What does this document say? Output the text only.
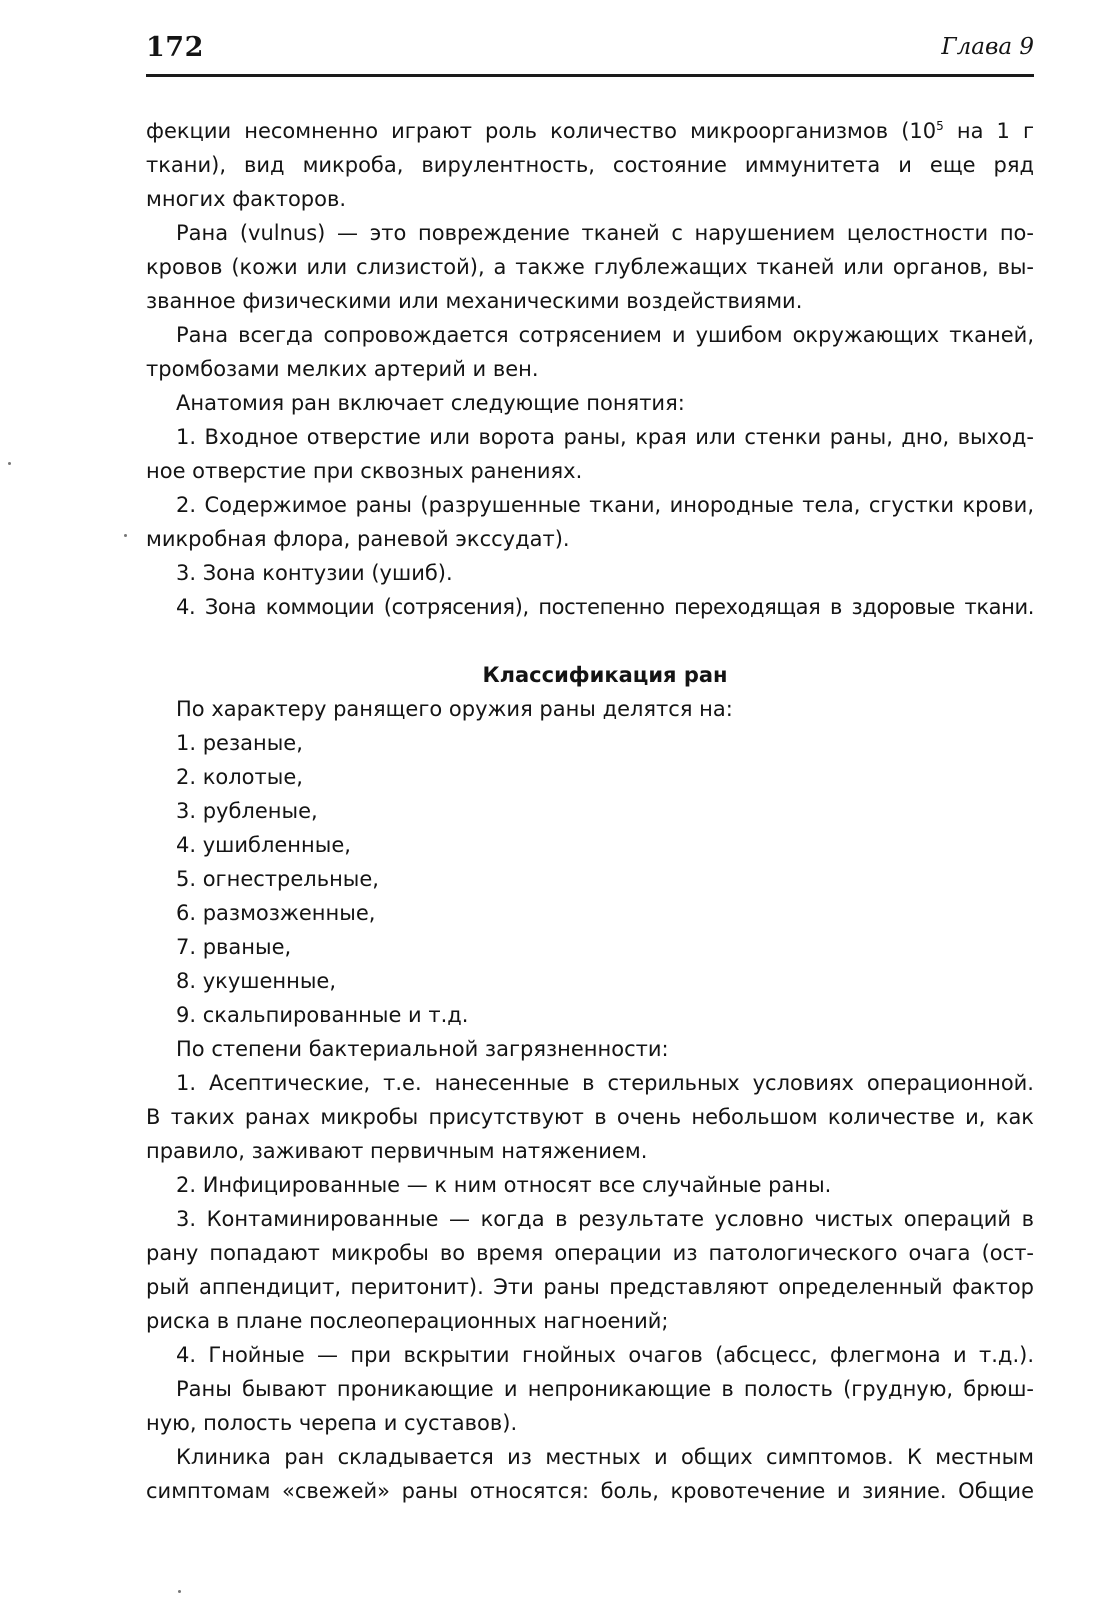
172	Глава 9
фекции несомненно играют роль количество микроорганизмов ($10^5$ на 1 г
ткани), вид микроба, вирулентность, состояние иммунитета и еще ряд
многих факторов.
Рана (vulnus) — это повреждение тканей с нарушением целостности по-
кровов (кожи или слизистой), а также глублежащих тканей или органов, вы-
званное физическими или механическими воздействиями.
Рана всегда сопровождается сотрясением и ушибом окружающих тканей,
тромбозами мелких артерий и вен.
Анатомия ран включает следующие понятия:
1. Входное отверстие или ворота раны, края или стенки раны, дно, выход-
ное отверстие при сквозных ранениях.
2. Содержимое раны (разрушенные ткани, инородные тела, сгустки крови,
микробная флора, раневой экссудат).
3. Зона контузии (ушиб).
4. Зона коммоции (сотрясения), постепенно переходящая в здоровые ткани.
Классификация ран
По характеру ранящего оружия раны делятся на:
1. резаные,
2. колотые,
3. рубленые,
4. ушибленные,
5. огнестрельные,
6. размозженные,
7. рваные,
8. укушенные,
9. скальпированные и т.д.
По степени бактериальной загрязненности:
1. Асептические, т.е. нанесенные в стерильных условиях операционной.
В таких ранах микробы присутствуют в очень небольшом количестве и, как
правило, заживают первичным натяжением.
2. Инфицированные — к ним относят все случайные раны.
3. Контаминированные — когда в результате условно чистых операций в
рану попадают микробы во время операции из патологического очага (ост-
рый аппендицит, перитонит). Эти раны представляют определенный фактор
риска в плане послеоперационных нагноений;
4. Гнойные — при вскрытии гнойных очагов (абсцесс, флегмона и т.д.).
Раны бывают проникающие и непроникающие в полость (грудную, брюш-
ную, полость черепа и суставов).
Клиника ран складывается из местных и общих симптомов. К местным
симптомам «свежей» раны относятся: боль, кровотечение и зияние. Общие
